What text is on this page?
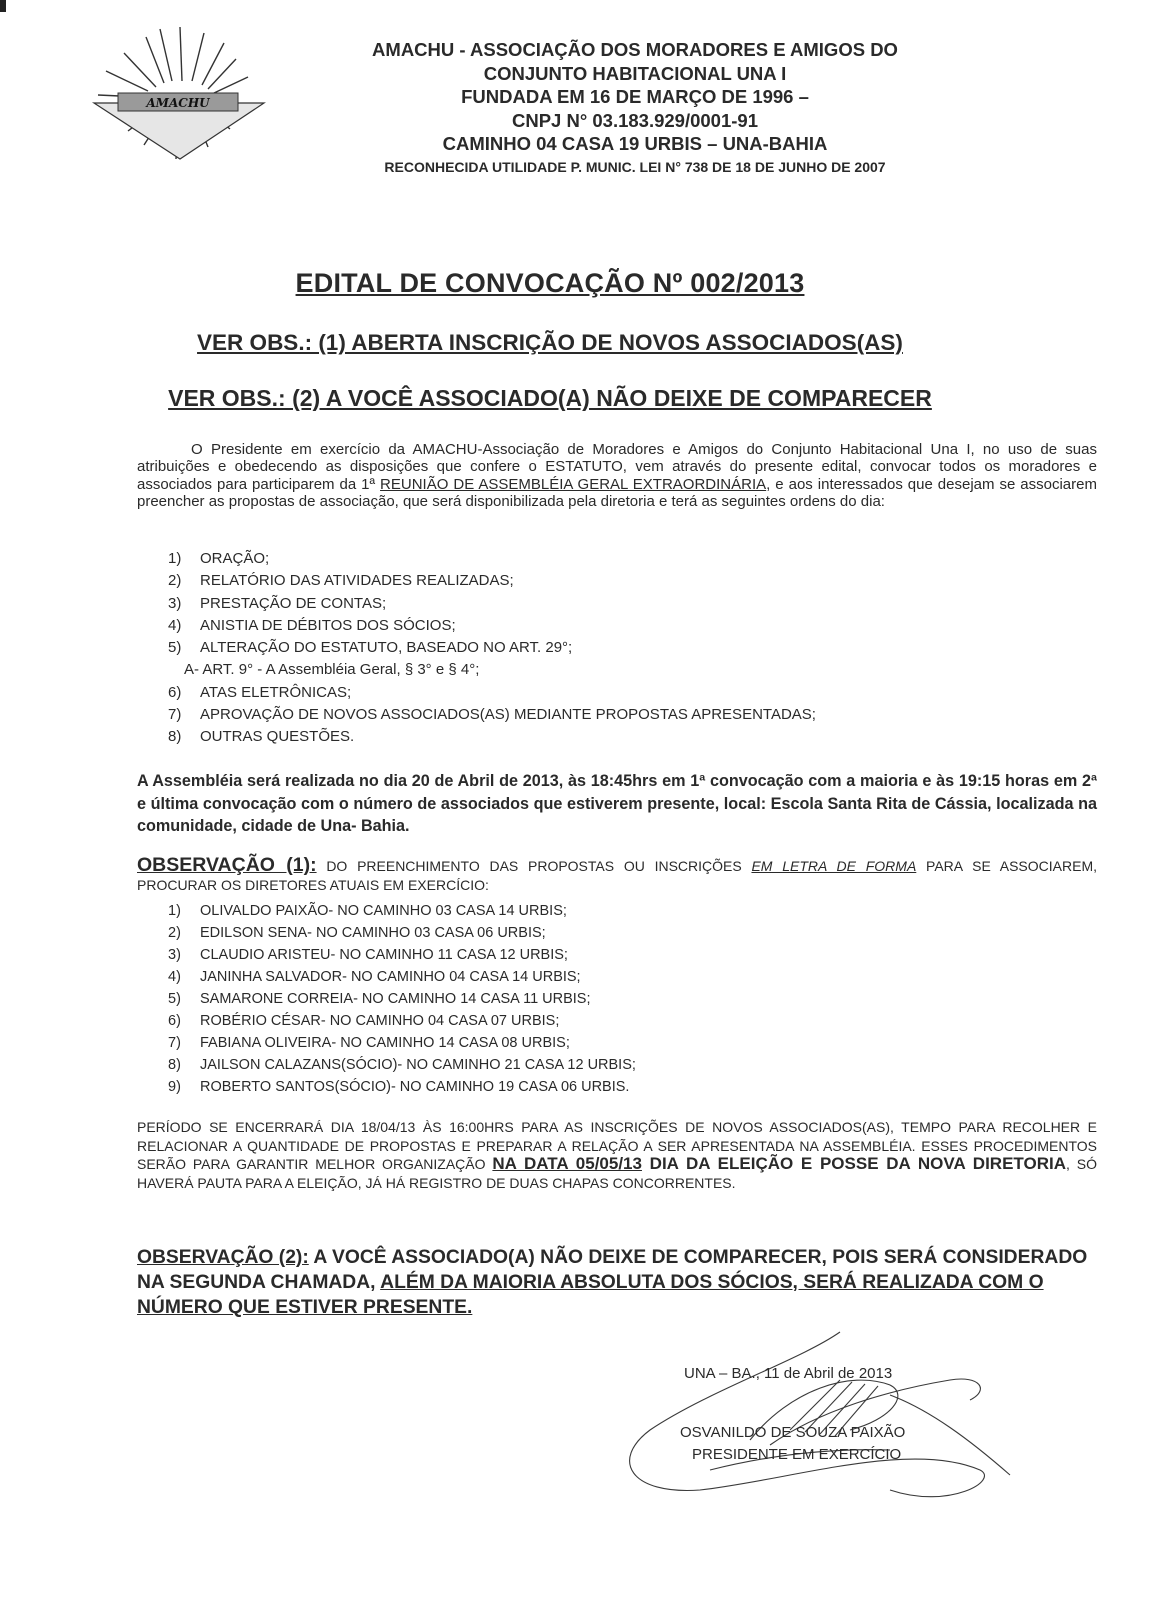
AMACHU
AMACHU - ASSOCIAÇÃO DOS MORADORES E AMIGOS DO
CONJUNTO HABITACIONAL UNA I
FUNDADA EM 16 DE MARÇO DE 1996 –
CNPJ N° 03.183.929/0001-91
CAMINHO 04 CASA 19 URBIS – UNA-BAHIA
RECONHECIDA UTILIDADE P. MUNIC. LEI N° 738 DE 18 DE JUNHO DE 2007
EDITAL DE CONVOCAÇÃO Nº 002/2013
VER OBS.: (1) ABERTA INSCRIÇÃO DE NOVOS ASSOCIADOS(AS)
VER OBS.: (2) A VOCÊ ASSOCIADO(A) NÃO DEIXE DE COMPARECER
O Presidente em exercício da AMACHU-Associação de Moradores e Amigos do Conjunto Habitacional Una I, no uso de suas atribuições e obedecendo as disposições que confere o ESTATUTO, vem através do presente edital, convocar todos os moradores e associados para participarem da 1ª REUNIÃO DE ASSEMBLÉIA GERAL EXTRAORDINÁRIA, e aos interessados que desejam se associarem preencher as propostas de associação, que será disponibilizada pela diretoria e terá as seguintes ordens do dia:
1) ORAÇÃO;
2) RELATÓRIO DAS ATIVIDADES REALIZADAS;
3) PRESTAÇÃO DE CONTAS;
4) ANISTIA DE DÉBITOS DOS SÓCIOS;
5) ALTERAÇÃO DO ESTATUTO, BASEADO NO ART. 29°;
A- ART. 9° - A Assembléia Geral, § 3° e § 4°;
6) ATAS ELETRÔNICAS;
7) APROVAÇÃO DE NOVOS ASSOCIADOS(AS) MEDIANTE PROPOSTAS APRESENTADAS;
8) OUTRAS QUESTÕES.
A Assembléia será realizada no dia 20 de Abril de 2013, às 18:45hrs em 1ª convocação com a maioria e às 19:15 horas em 2ª e última convocação com o número de associados que estiverem presente, local: Escola Santa Rita de Cássia, localizada na comunidade, cidade de Una- Bahia.
OBSERVAÇÃO (1): DO PREENCHIMENTO DAS PROPOSTAS OU INSCRIÇÕES EM LETRA DE FORMA PARA SE ASSOCIAREM, PROCURAR OS DIRETORES ATUAIS EM EXERCÍCIO:
1) OLIVALDO PAIXÃO- NO CAMINHO 03 CASA 14 URBIS;
2) EDILSON SENA- NO CAMINHO 03 CASA 06 URBIS;
3) CLAUDIO ARISTEU- NO CAMINHO 11 CASA 12 URBIS;
4) JANINHA SALVADOR- NO CAMINHO 04 CASA 14 URBIS;
5) SAMARONE CORREIA- NO CAMINHO 14 CASA 11 URBIS;
6) ROBÉRIO CÉSAR- NO CAMINHO 04 CASA 07 URBIS;
7) FABIANA OLIVEIRA- NO CAMINHO 14 CASA 08 URBIS;
8) JAILSON CALAZANS(SÓCIO)- NO CAMINHO 21 CASA 12 URBIS;
9) ROBERTO SANTOS(SÓCIO)- NO CAMINHO 19 CASA 06 URBIS.
PERÍODO SE ENCERRARÁ DIA 18/04/13 ÀS 16:00HRS PARA AS INSCRIÇÕES DE NOVOS ASSOCIADOS(AS), TEMPO PARA RECOLHER E RELACIONAR A QUANTIDADE DE PROPOSTAS E PREPARAR A RELAÇÃO A SER APRESENTADA NA ASSEMBLÉIA. ESSES PROCEDIMENTOS SERÃO PARA GARANTIR MELHOR ORGANIZAÇÃO NA DATA 05/05/13 DIA DA ELEIÇÃO E POSSE DA NOVA DIRETORIA, SÓ HAVERÁ PAUTA PARA A ELEIÇÃO, JÁ HÁ REGISTRO DE DUAS CHAPAS CONCORRENTES.
OBSERVAÇÃO (2): A VOCÊ ASSOCIADO(A) NÃO DEIXE DE COMPARECER, POIS SERÁ CONSIDERADO NA SEGUNDA CHAMADA, ALÉM DA MAIORIA ABSOLUTA DOS SÓCIOS, SERÁ REALIZADA COM O NÚMERO QUE ESTIVER PRESENTE.
UNA – BA., 11 de Abril de 2013
OSVANILDO DE SOUZA PAIXÃO
PRESIDENTE EM EXERCÍCIO
